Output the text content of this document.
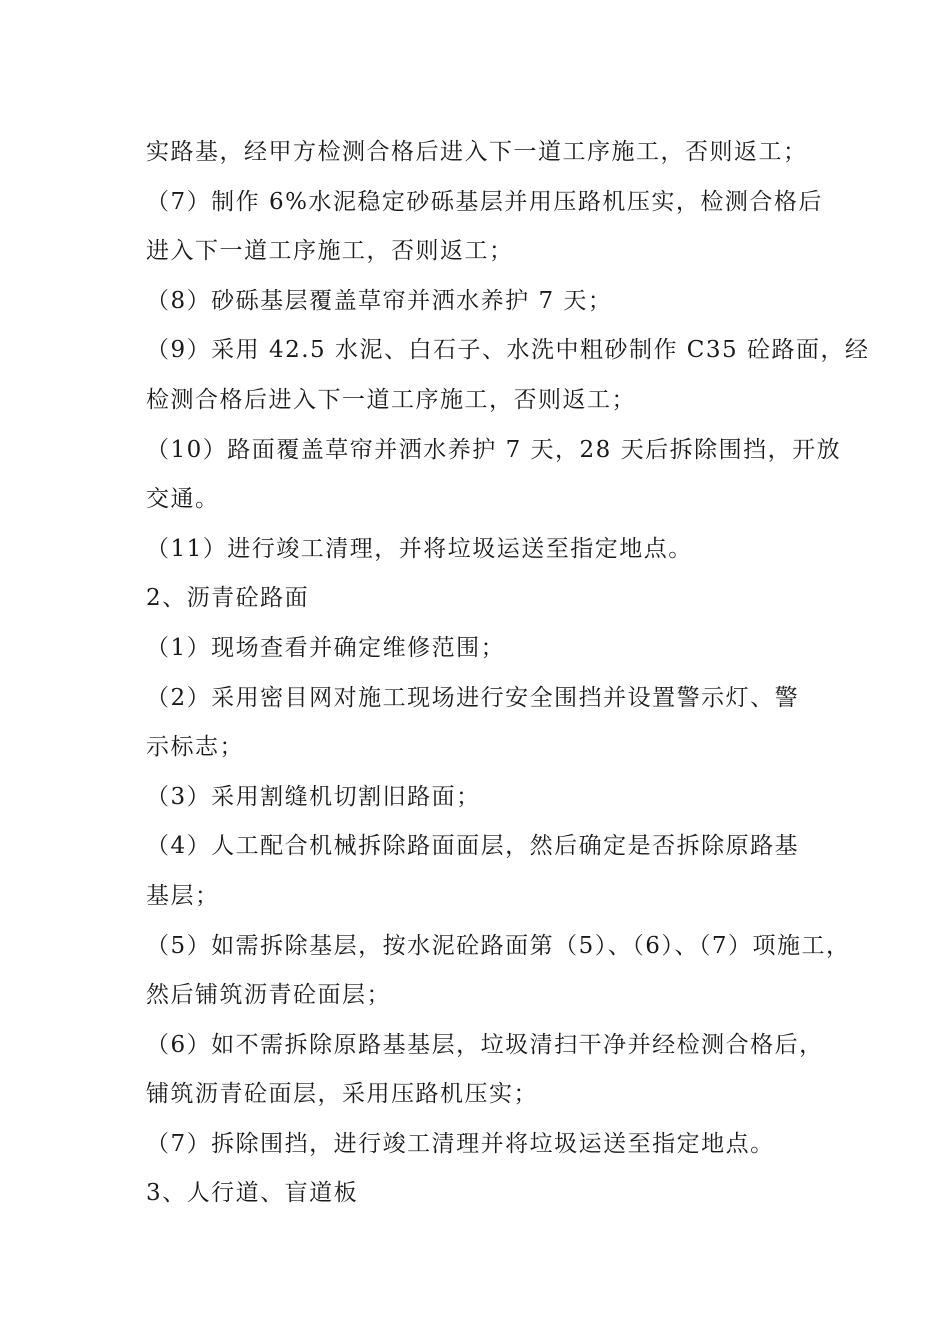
实路基，经甲方检测合格后进入下一道工序施工，否则返工；
（7）制作 6%水泥稳定砂砾基层并用压路机压实，检测合格后
进入下一道工序施工，否则返工；
（8）砂砾基层覆盖草帘并洒水养护 7 天；
（9）采用 42.5 水泥、白石子、水洗中粗砂制作 C35 砼路面，经
检测合格后进入下一道工序施工，否则返工；
（10）路面覆盖草帘并洒水养护 7 天，28 天后拆除围挡，开放
交通。
（11）进行竣工清理，并将垃圾运送至指定地点。
2、沥青砼路面
（1）现场查看并确定维修范围；
（2）采用密目网对施工现场进行安全围挡并设置警示灯、警
示标志；
（3）采用割缝机切割旧路面；
（4）人工配合机械拆除路面面层，然后确定是否拆除原路基
基层；
（5）如需拆除基层，按水泥砼路面第（5）、（6）、（7）项施工，
然后铺筑沥青砼面层；
（6）如不需拆除原路基基层，垃圾清扫干净并经检测合格后，
铺筑沥青砼面层，采用压路机压实；
（7）拆除围挡，进行竣工清理并将垃圾运送至指定地点。
3、人行道、盲道板
